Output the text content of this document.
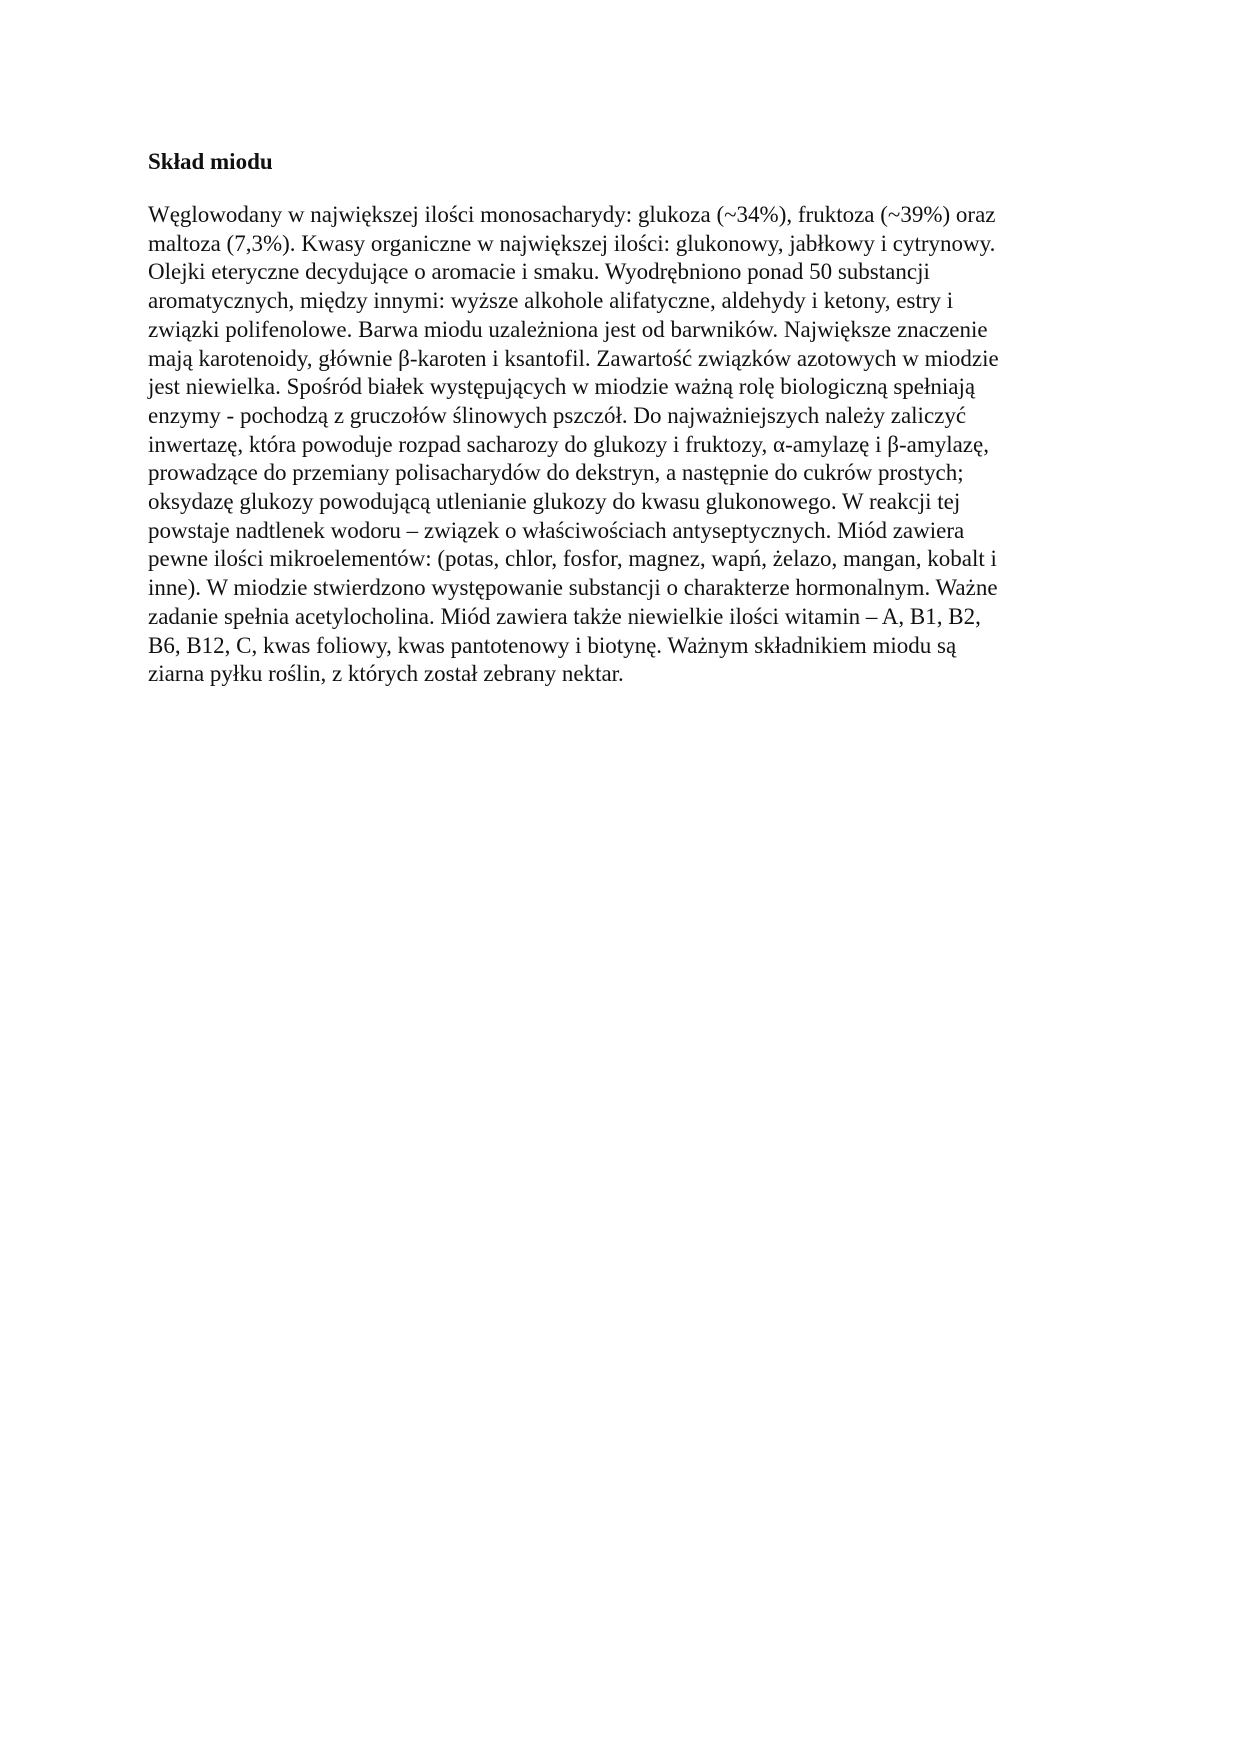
Skład miodu
Węglowodany w największej ilości monosacharydy: glukoza (~34%), fruktoza (~39%) oraz
maltoza (7,3%). Kwasy organiczne w największej ilości: glukonowy, jabłkowy i cytrynowy.
Olejki eteryczne decydujące o aromacie i smaku. Wyodrębniono ponad 50 substancji
aromatycznych, między innymi: wyższe alkohole alifatyczne, aldehydy i ketony, estry i
związki polifenolowe. Barwa miodu uzależniona jest od barwników. Największe znaczenie
mają karotenoidy, głównie β-karoten i ksantofil. Zawartość związków azotowych w miodzie
jest niewielka. Spośród białek występujących w miodzie ważną rolę biologiczną spełniają
enzymy - pochodzą z gruczołów ślinowych pszczół. Do najważniejszych należy zaliczyć
inwertazę, która powoduje rozpad sacharozy do glukozy i fruktozy, α-amylazę i β-amylazę,
prowadzące do przemiany polisacharydów do dekstryn, a następnie do cukrów prostych;
oksydazę glukozy powodującą utlenianie glukozy do kwasu glukonowego. W reakcji tej
powstaje nadtlenek wodoru – związek o właściwościach antyseptycznych. Miód zawiera
pewne ilości mikroelementów: (potas, chlor, fosfor, magnez, wapń, żelazo, mangan, kobalt i
inne). W miodzie stwierdzono występowanie substancji o charakterze hormonalnym. Ważne
zadanie spełnia acetylocholina. Miód zawiera także niewielkie ilości witamin – A, B1, B2,
B6, B12, C, kwas foliowy, kwas pantotenowy i biotynę. Ważnym składnikiem miodu są
ziarna pyłku roślin, z których został zebrany nektar.
